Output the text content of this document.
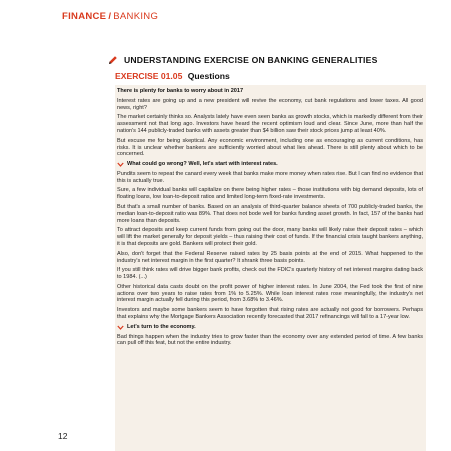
FINANCE / BANKING
UNDERSTANDING EXERCISE ON BANKING GENERALITIES
EXERCISE 01.05 Questions

There is plenty for banks to worry about in 2017

Interest rates are going up and a new president will revive the economy, cut bank regulations and lower taxes. All good news, right?

The market certainly thinks so. Analysts lately have even seen banks as growth stocks, which is markedly different from their assessment not that long ago. Investors have heard the recent optimism loud and clear. Since June, more than half the nation's 144 publicly-traded banks with assets greater than $4 billion saw their stock prices jump at least 40%.

But excuse me for being skeptical. Any economic environment, including one as encouraging as current conditions, has risks. It is unclear whether bankers are sufficiently worried about what lies ahead. There is still plenty about which to be concerned.

What could go wrong? Well, let's start with interest rates.

Pundits seem to repeat the canard every week that banks make more money when rates rise. But I can find no evidence that this is actually true.

Sure, a few individual banks will capitalize on there being higher rates – those institutions with big demand deposits, lots of floating loans, low loan-to-deposit ratios and limited long-term fixed-rate investments.

But that's a small number of banks. Based on an analysis of third-quarter balance sheets of 700 publicly-traded banks, the median loan-to-deposit ratio was 89%. That does not bode well for banks funding asset growth. In fact, 157 of the banks had more loans than deposits.

To attract deposits and keep current funds from going out the door, many banks will likely raise their deposit rates – which will lift the market generally for deposit yields – thus raising their cost of funds. If the financial crisis taught bankers anything, it is that deposits are gold. Bankers will protect their gold.

Also, don't forget that the Federal Reserve raised rates by 25 basis points at the end of 2015. What happened to the industry's net interest margin in the first quarter? It shrank three basis points.

If you still think rates will drive bigger bank profits, check out the FDIC's quarterly history of net interest margins dating back to 1984. (...)

Other historical data casts doubt on the profit power of higher interest rates. In June 2004, the Fed took the first of nine actions over two years to raise rates from 1% to 5.25%. While loan interest rates rose meaningfully, the industry's net interest margin actually fell during this period, from 3.68% to 3.46%.

Investors and maybe some bankers seem to have forgotten that rising rates are actually not good for borrowers. Perhaps that explains why the Mortgage Bankers Association recently forecasted that 2017 refinancings will fall to a 17-year low.

Let's turn to the economy.

Bad things happen when the industry tries to grow faster than the economy over any extended period of time. A few banks can pull off this feat, but not the entire industry.

12
